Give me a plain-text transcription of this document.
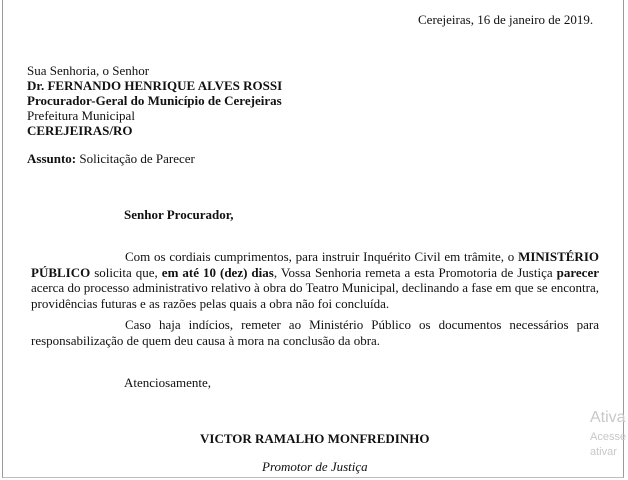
Cerejeiras, 16 de janeiro de 2019.
Sua Senhoria, o Senhor
Dr. FERNANDO HENRIQUE ALVES ROSSI
Procurador-Geral do Município de Cerejeiras
Prefeitura Municipal
CEREJEIRAS/RO
Assunto: Solicitação de Parecer
Senhor Procurador,
Com os cordiais cumprimentos, para instruir Inquérito Civil em trâmite, o MINISTÉRIO PÚBLICO solicita que, em até 10 (dez) dias, Vossa Senhoria remeta a esta Promotoria de Justiça parecer acerca do processo administrativo relativo à obra do Teatro Municipal, declinando a fase em que se encontra, providências futuras e as razões pelas quais a obra não foi concluída.
Caso haja indícios, remeter ao Ministério Público os documentos necessários para responsabilização de quem deu causa à mora na conclusão da obra.
Atenciosamente,
VICTOR RAMALHO MONFREDINHO
Promotor de Justiça
Ativa
Acesse
ativar
